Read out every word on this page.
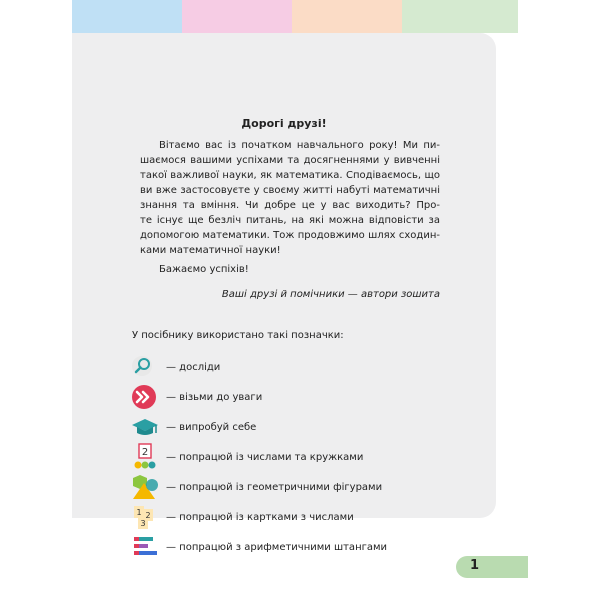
Дорогі друзі!
Вітаємо вас із початком навчального року! Ми пи-
шаємося вашими успіхами та досягненнями у вивченні
такої важливої науки, як математика. Сподіваємось, що
ви вже застосовуєте у своєму житті набуті математичні
знання та вміння. Чи добре це у вас виходить? Про-
те існує ще безліч питань, на які можна відповісти за
допомогою математики. Тож продовжимо шлях сходин-
ками математичної науки!
Бажаємо успіхів!
Ваші друзі й помічники — автори зошита
У посібнику використано такі позначки:
— досліди
— візьми до уваги
— випробуй себе
2 — попрацюй із числами та кружками
— попрацюй із геометричними фігурами
1 2
3
— попрацюй із картками з числами
— попрацюй з арифметичними штангами
1
